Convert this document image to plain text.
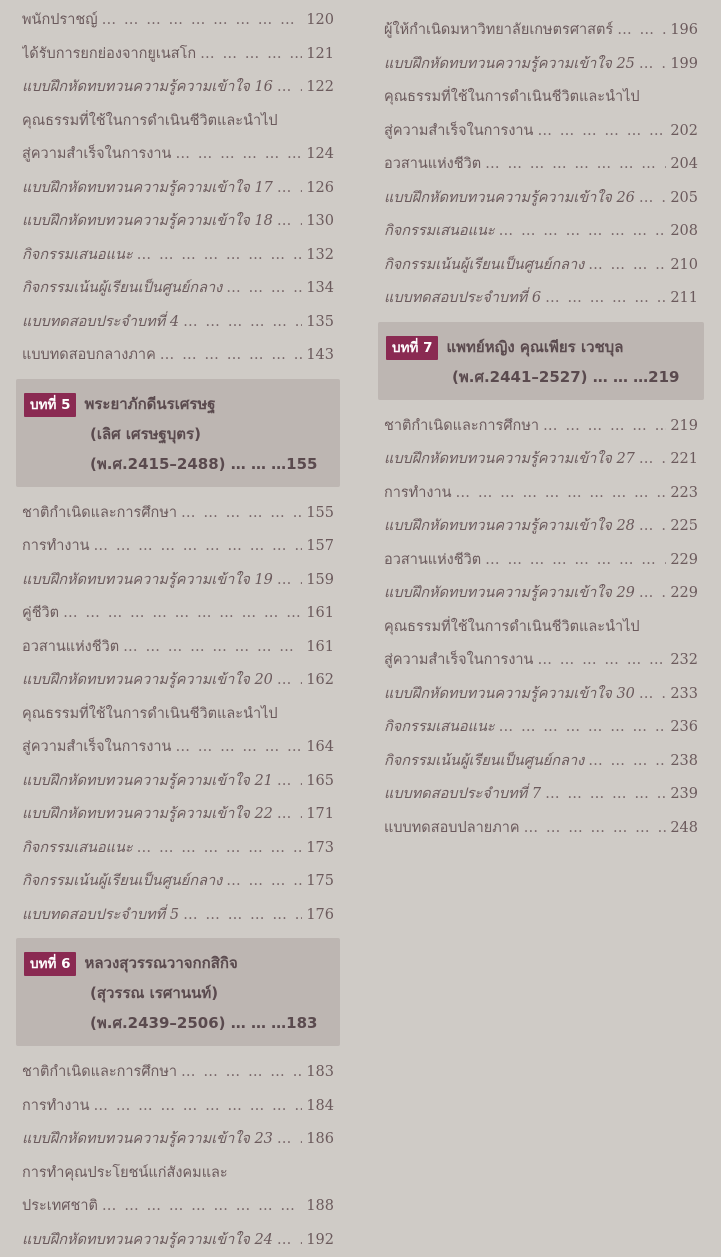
พนักปราชญ์ … … … … … … … … … … … … … … … … … … … … … …	120
ได้รับการยกย่องจากยูเนสโก … … … … … … … … … … … … … … … … … … … … … …	121
แบบฝึกหัดทบทวนความรู้ความเข้าใจ 16 … … … … … … … … … … … … … … … … … … … … … … 122
คุณธรรมที่ใช้ในการดำเนินชีวิตและนำไป
สู่ความสำเร็จในการงาน … … … … … … … … … … … … … … … … … … … … … …	124
แบบฝึกหัดทบทวนความรู้ความเข้าใจ 17 … … … … … … … … … … … … … … … … … … … … … … 126
แบบฝึกหัดทบทวนความรู้ความเข้าใจ 18 … … … … … … … … … … … … … … … … … … … … … … 130
กิจกรรมเสนอแนะ … … … … … … … … … … … … … … … … … … … … … …	132
กิจกรรมเน้นผู้เรียนเป็นศูนย์กลาง … … … … … … … … … … … … … … … … … … … … … …	134
แบบทดสอบประจำบทที่ 4 … … … … … … … … … … … … … … … … … … … … … …	135
แบบทดสอบกลางภาค … … … … … … … … … … … … … … … … … … … … … …	143
บทที่ 5 พระยาภักดีนรเศรษฐ
(เลิศ เศรษฐบุตร)
(พ.ศ.2415–2488) … … …155
ชาติกำเนิดและการศึกษา … … … … … … … … … … … … … … … … … … … … … …	155
การทำงาน … … … … … … … … … … … … … … … … … … … … … …	157
แบบฝึกหัดทบทวนความรู้ความเข้าใจ 19 … … … … … … … … … … … … … … … … … … … … … … 159
คู่ชีวิต … … … … … … … … … … … … … … … … … … … … … …	161
อวสานแห่งชีวิต … … … … … … … … … … … … … … … … … … … … … …	161
แบบฝึกหัดทบทวนความรู้ความเข้าใจ 20 … … … … … … … … … … … … … … … … … … … … … … 162
คุณธรรมที่ใช้ในการดำเนินชีวิตและนำไป
สู่ความสำเร็จในการงาน … … … … … … … … … … … … … … … … … … … … … …	164
แบบฝึกหัดทบทวนความรู้ความเข้าใจ 21 … … … … … … … … … … … … … … … … … … … … … … 165
แบบฝึกหัดทบทวนความรู้ความเข้าใจ 22 … … … … … … … … … … … … … … … … … … … … … … 171
กิจกรรมเสนอแนะ … … … … … … … … … … … … … … … … … … … … … …	173
กิจกรรมเน้นผู้เรียนเป็นศูนย์กลาง … … … … … … … … … … … … … … … … … … … … … …	175
แบบทดสอบประจำบทที่ 5 … … … … … … … … … … … … … … … … … … … … … …	176
บทที่ 6 หลวงสุวรรณวาจกกสิกิจ
(สุวรรณ เรศานนท์)
(พ.ศ.2439–2506) … … …183
ชาติกำเนิดและการศึกษา … … … … … … … … … … … … … … … … … … … … … …	183
การทำงาน … … … … … … … … … … … … … … … … … … … … … …	184
แบบฝึกหัดทบทวนความรู้ความเข้าใจ 23 … … … … … … … … … … … … … … … … … … … … … … 186
การทำคุณประโยชน์แก่สังคมและ
ประเทศชาติ … … … … … … … … … … … … … … … … … … … … … …	188
แบบฝึกหัดทบทวนความรู้ความเข้าใจ 24 … … … … … … … … … … … … … … … … … … … … … … 192
ผู้ให้กำเนิดมหาวิทยาลัยเกษตรศาสตร์ … … … … … … … … … … … … … … … … … … … … … …	196
แบบฝึกหัดทบทวนความรู้ความเข้าใจ 25 … … … … … … … … … … … … … … … … … … … … … … 199
คุณธรรมที่ใช้ในการดำเนินชีวิตและนำไป
สู่ความสำเร็จในการงาน … … … … … … … … … … … … … … … … … … … … … …	202
อวสานแห่งชีวิต … … … … … … … … … … … … … … … … … … … … … …	204
แบบฝึกหัดทบทวนความรู้ความเข้าใจ 26 … … … … … … … … … … … … … … … … … … … … … … 205
กิจกรรมเสนอแนะ … … … … … … … … … … … … … … … … … … … … … …	208
กิจกรรมเน้นผู้เรียนเป็นศูนย์กลาง … … … … … … … … … … … … … … … … … … … … … …	210
แบบทดสอบประจำบทที่ 6 … … … … … … … … … … … … … … … … … … … … … …	211
บทที่ 7 แพทย์หญิง คุณเพียร เวชบุล
(พ.ศ.2441–2527) … … …219
ชาติกำเนิดและการศึกษา … … … … … … … … … … … … … … … … … … … … … …	219
แบบฝึกหัดทบทวนความรู้ความเข้าใจ 27 … … … … … … … … … … … … … … … … … … … … … … 221
การทำงาน … … … … … … … … … … … … … … … … … … … … … …	223
แบบฝึกหัดทบทวนความรู้ความเข้าใจ 28 … … … … … … … … … … … … … … … … … … … … … … 225
อวสานแห่งชีวิต … … … … … … … … … … … … … … … … … … … … … …	229
แบบฝึกหัดทบทวนความรู้ความเข้าใจ 29 … … … … … … … … … … … … … … … … … … … … … … 229
คุณธรรมที่ใช้ในการดำเนินชีวิตและนำไป
สู่ความสำเร็จในการงาน … … … … … … … … … … … … … … … … … … … … … …	232
แบบฝึกหัดทบทวนความรู้ความเข้าใจ 30 … … … … … … … … … … … … … … … … … … … … … … 233
กิจกรรมเสนอแนะ … … … … … … … … … … … … … … … … … … … … … …	236
กิจกรรมเน้นผู้เรียนเป็นศูนย์กลาง … … … … … … … … … … … … … … … … … … … … … …	238
แบบทดสอบประจำบทที่ 7 … … … … … … … … … … … … … … … … … … … … … …	239
แบบทดสอบปลายภาค … … … … … … … … … … … … … … … … … … … … … …	248
